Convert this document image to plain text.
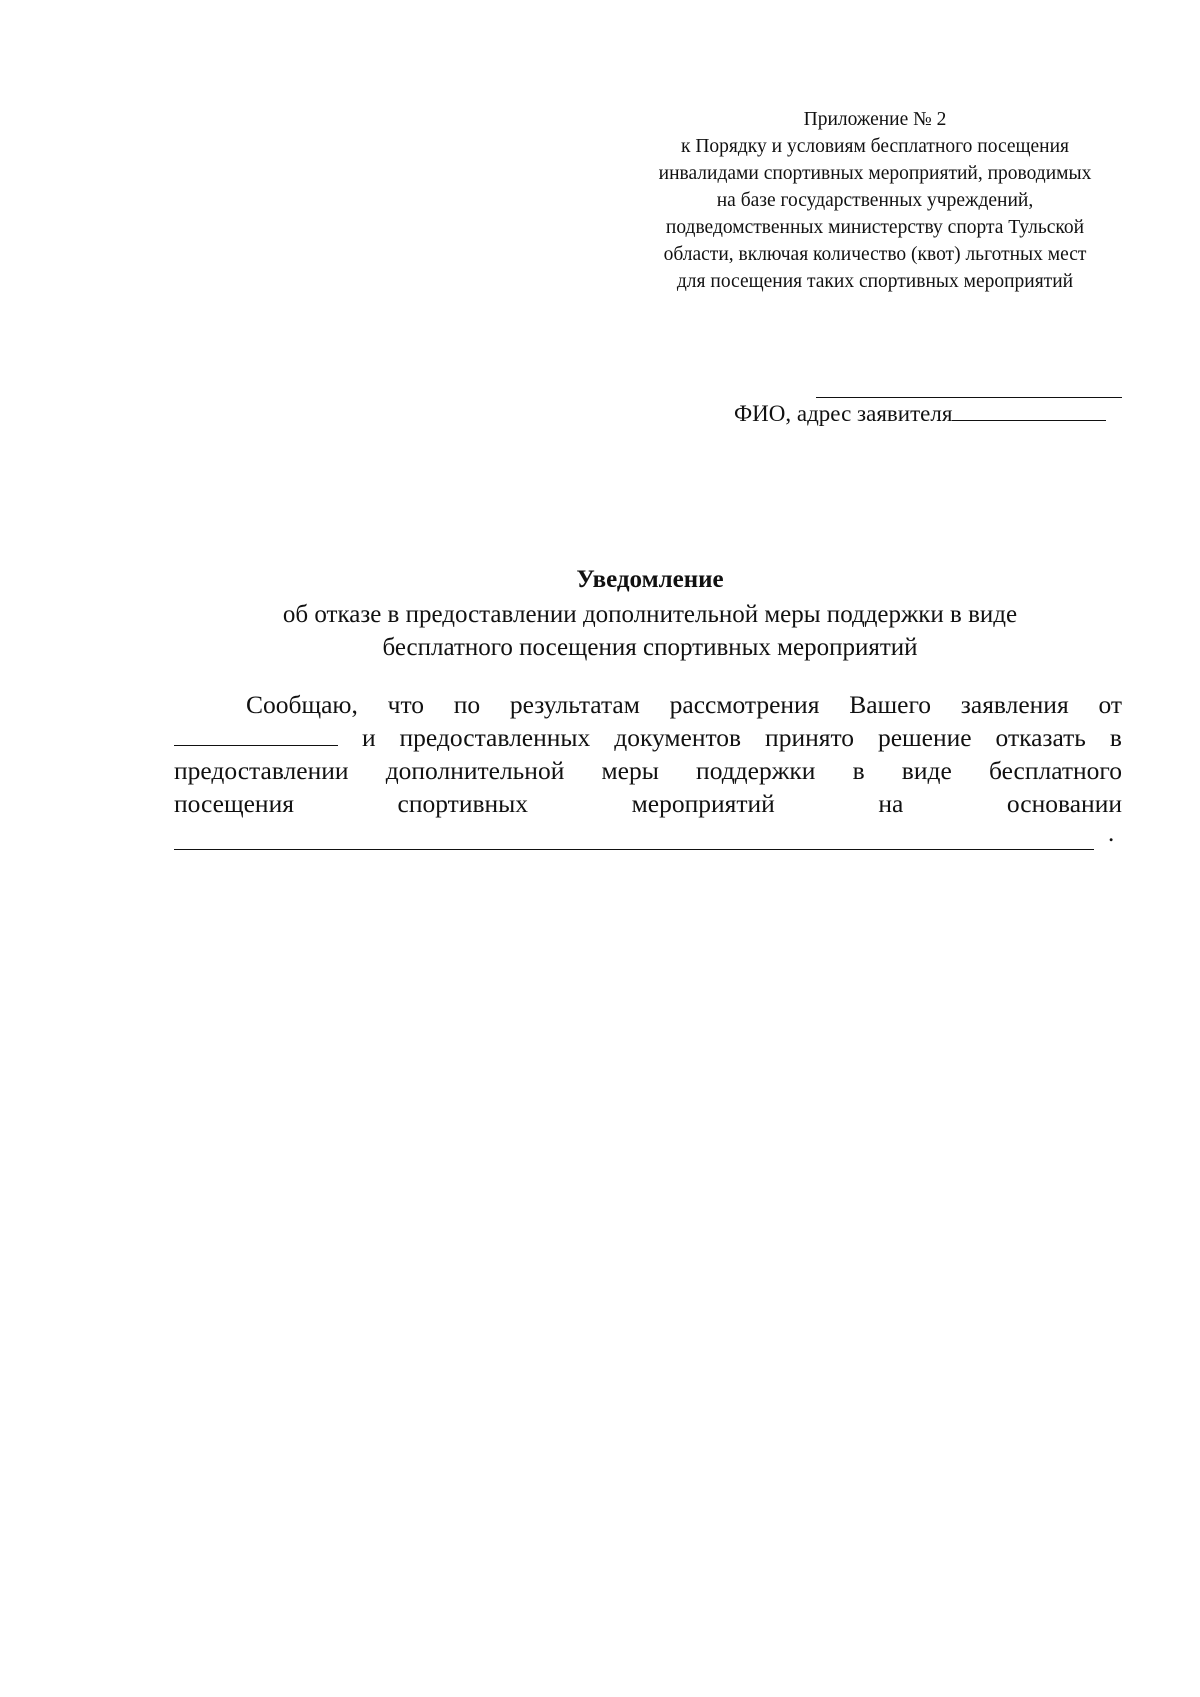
Приложение № 2
к Порядку и условиям бесплатного посещения
инвалидами спортивных мероприятий, проводимых
на базе государственных учреждений,
подведомственных министерству спорта Тульской
области, включая количество (квот) льготных мест
для посещения таких спортивных мероприятий
ФИО, адрес заявителя
Уведомление
об отказе в предоставлении дополнительной меры поддержки в виде
бесплатного посещения спортивных мероприятий
Сообщаю, что по результатам рассмотрения Вашего заявления от
и предоставленных документов принято решение отказать в
предоставлении дополнительной меры поддержки в виде бесплатного
посещения	спортивных	мероприятий	на	основании
.
